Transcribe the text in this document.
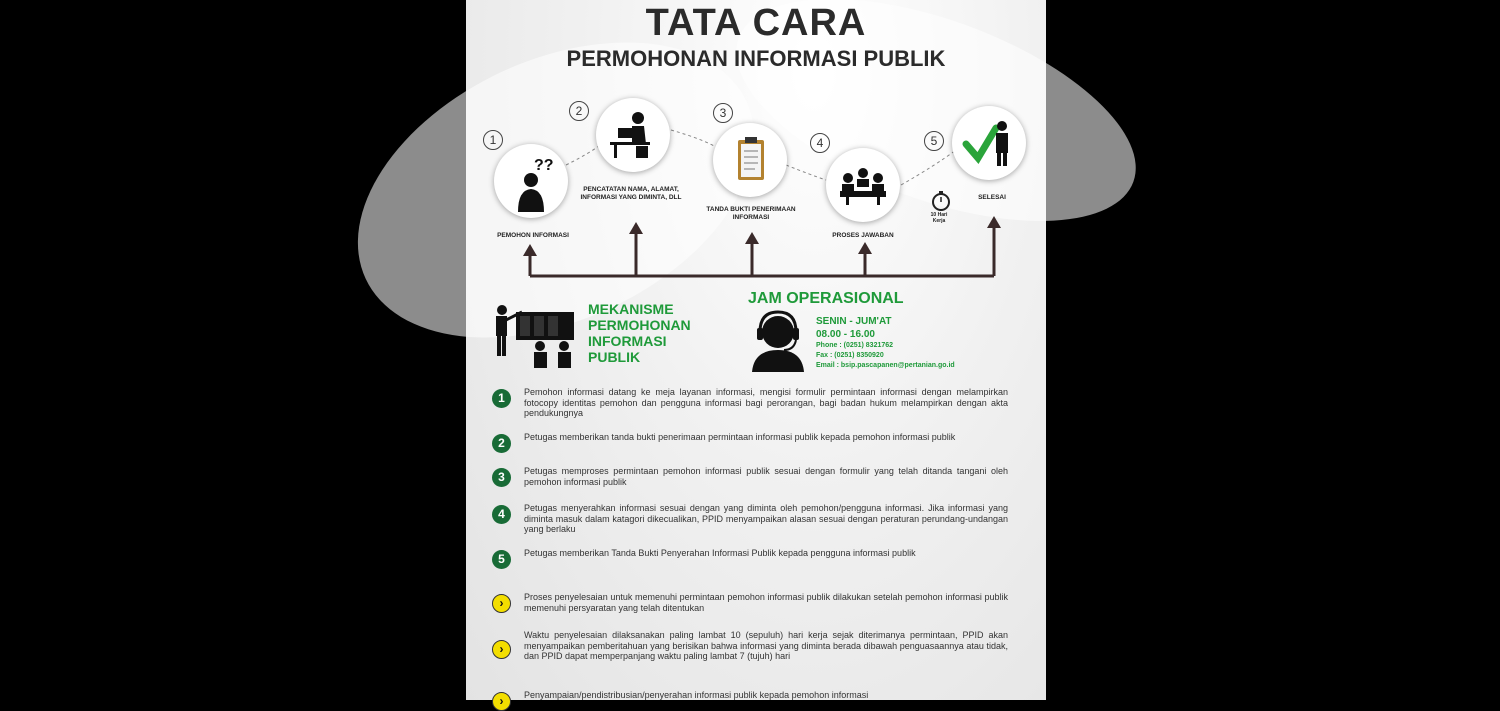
TATA CARA
PERMOHONAN INFORMASI PUBLIK
1
??
PEMOHON INFORMASI
2
PENCATATAN NAMA, ALAMAT, INFORMASI YANG DIMINTA, DLL
3
TANDA BUKTI PENERIMAAN INFORMASI
4
PROSES JAWABAN
10 Hari Kerja
5
SELESAI
MEKANISME
PERMOHONAN
INFORMASI
PUBLIK
JAM OPERASIONAL
SENIN - JUM'AT
08.00 - 16.00
Phone : (0251) 8321762
Fax : (0251) 8350920
Email : bsip.pascapanen@pertanian.go.id
1	Pemohon informasi datang ke meja layanan informasi, mengisi formulir permintaan informasi dengan melampirkan fotocopy identitas pemohon dan pengguna informasi bagi perorangan, bagi badan hukum melampirkan dengan akta pendukungnya
2	Petugas memberikan tanda bukti penerimaan permintaan informasi publik kepada pemohon informasi publik
3	Petugas memproses permintaan pemohon informasi publik sesuai dengan formulir yang telah ditanda tangani oleh pemohon informasi publik
4	Petugas menyerahkan informasi sesuai dengan yang diminta oleh pemohon/pengguna informasi. Jika informasi yang diminta masuk dalam katagori dikecualikan, PPID menyampaikan alasan sesuai dengan peraturan perundang-undangan yang berlaku
5	Petugas memberikan Tanda Bukti Penyerahan Informasi Publik kepada pengguna informasi publik
›	Proses penyelesaian untuk memenuhi permintaan pemohon informasi publik dilakukan setelah pemohon informasi publik memenuhi persyaratan yang telah ditentukan
›
Waktu penyelesaian dilaksanakan paling lambat 10 (sepuluh) hari kerja sejak diterimanya permintaan, PPID akan menyampaikan pemberitahuan yang berisikan bahwa informasi yang diminta berada dibawah penguasaannya atau tidak, dan PPID dapat memperpanjang waktu paling lambat 7 (tujuh) hari
›	Penyampaian/pendistribusian/penyerahan informasi publik kepada pemohon informasi
